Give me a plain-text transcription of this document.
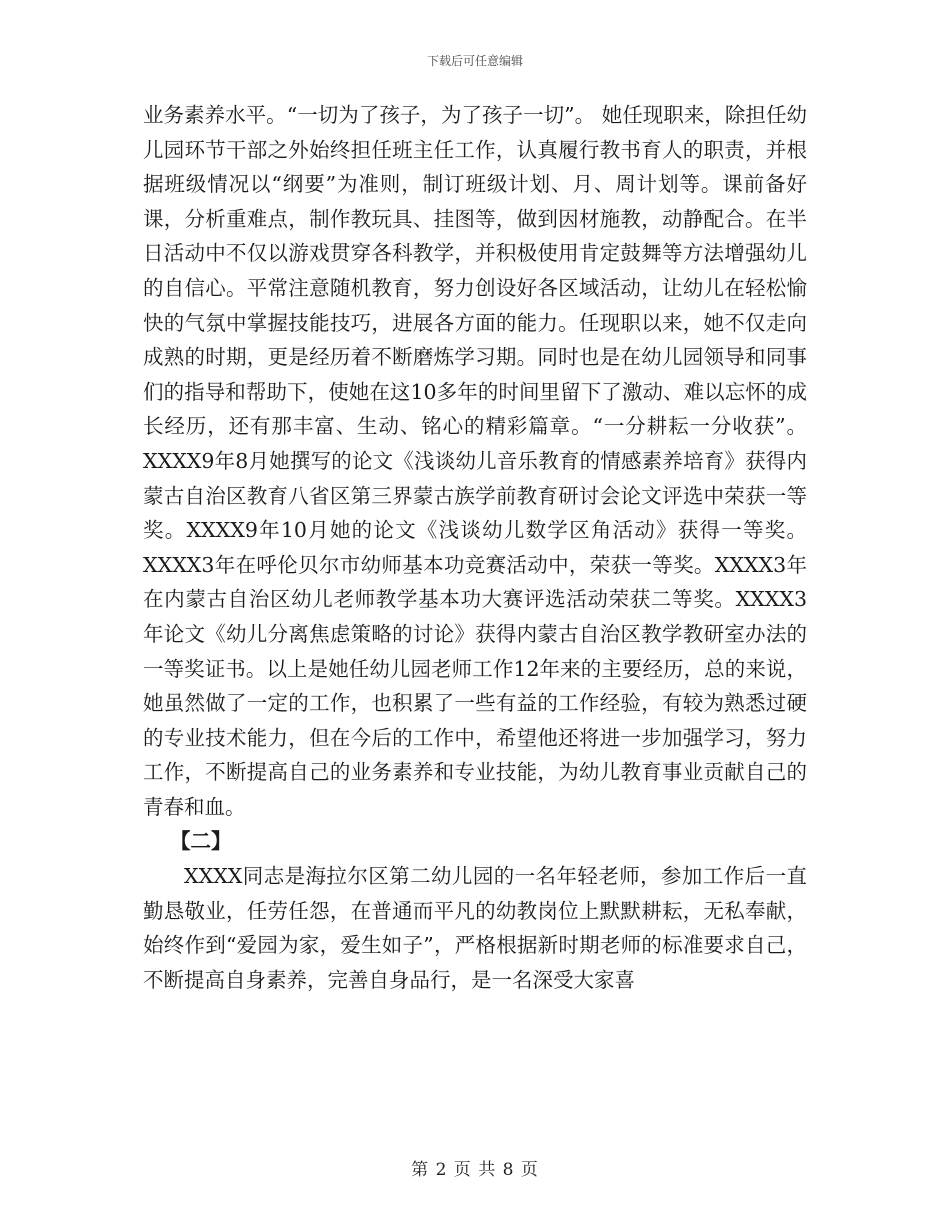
下载后可任意编辑

业务素养水平。“一切为了孩子，为了孩子一切”。 她任现职来，除担任幼儿园环节干部之外始终担任班主任工作，认真履行教书育人的职责，并根据班级情况以“纲要”为准则，制订班级计划、月、周计划等。课前备好课，分析重难点，制作教玩具、挂图等，做到因材施教，动静配合。在半日活动中不仅以游戏贯穿各科教学，并积极使用肯定鼓舞等方法增强幼儿的自信心。平常注意随机教育，努力创设好各区域活动，让幼儿在轻松愉快的气氛中掌握技能技巧，进展各方面的能力。任现职以来，她不仅走向成熟的时期，更是经历着不断磨炼学习期。同时也是在幼儿园领导和同事们的指导和帮助下，使她在这10多年的时间里留下了激动、难以忘怀的成长经历，还有那丰富、生动、铭心的精彩篇章。“一分耕耘一分收获”。XXXX9年8月她撰写的论文《浅谈幼儿音乐教育的情感素养培育》获得内蒙古自治区教育八省区第三界蒙古族学前教育研讨会论文评选中荣获一等奖。XXXX9年10月她的论文《浅谈幼儿数学区角活动》获得一等奖。XXXX3年在呼伦贝尔市幼师基本功竞赛活动中，荣获一等奖。XXXX3年在内蒙古自治区幼儿老师教学基本功大赛评选活动荣获二等奖。XXXX3年论文《幼儿分离焦虑策略的讨论》获得内蒙古自治区教学教研室办法的一等奖证书。以上是她任幼儿园老师工作12年来的主要经历，总的来说，她虽然做了一定的工作，也积累了一些有益的工作经验，有较为熟悉过硬的专业技术能力，但在今后的工作中，希望他还将进一步加强学习，努力工作，不断提高自己的业务素养和专业技能，为幼儿教育事业贡献自己的青春和血。

【二】

XXXX同志是海拉尔区第二幼儿园的一名年轻老师，参加工作后一直勤恳敬业，任劳任怨，在普通而平凡的幼教岗位上默默耕耘，无私奉献，始终作到“爱园为家，爱生如子”，严格根据新时期老师的标准要求自己，不断提高自身素养，完善自身品行，是一名深受大家喜

第 2 页 共 8 页
